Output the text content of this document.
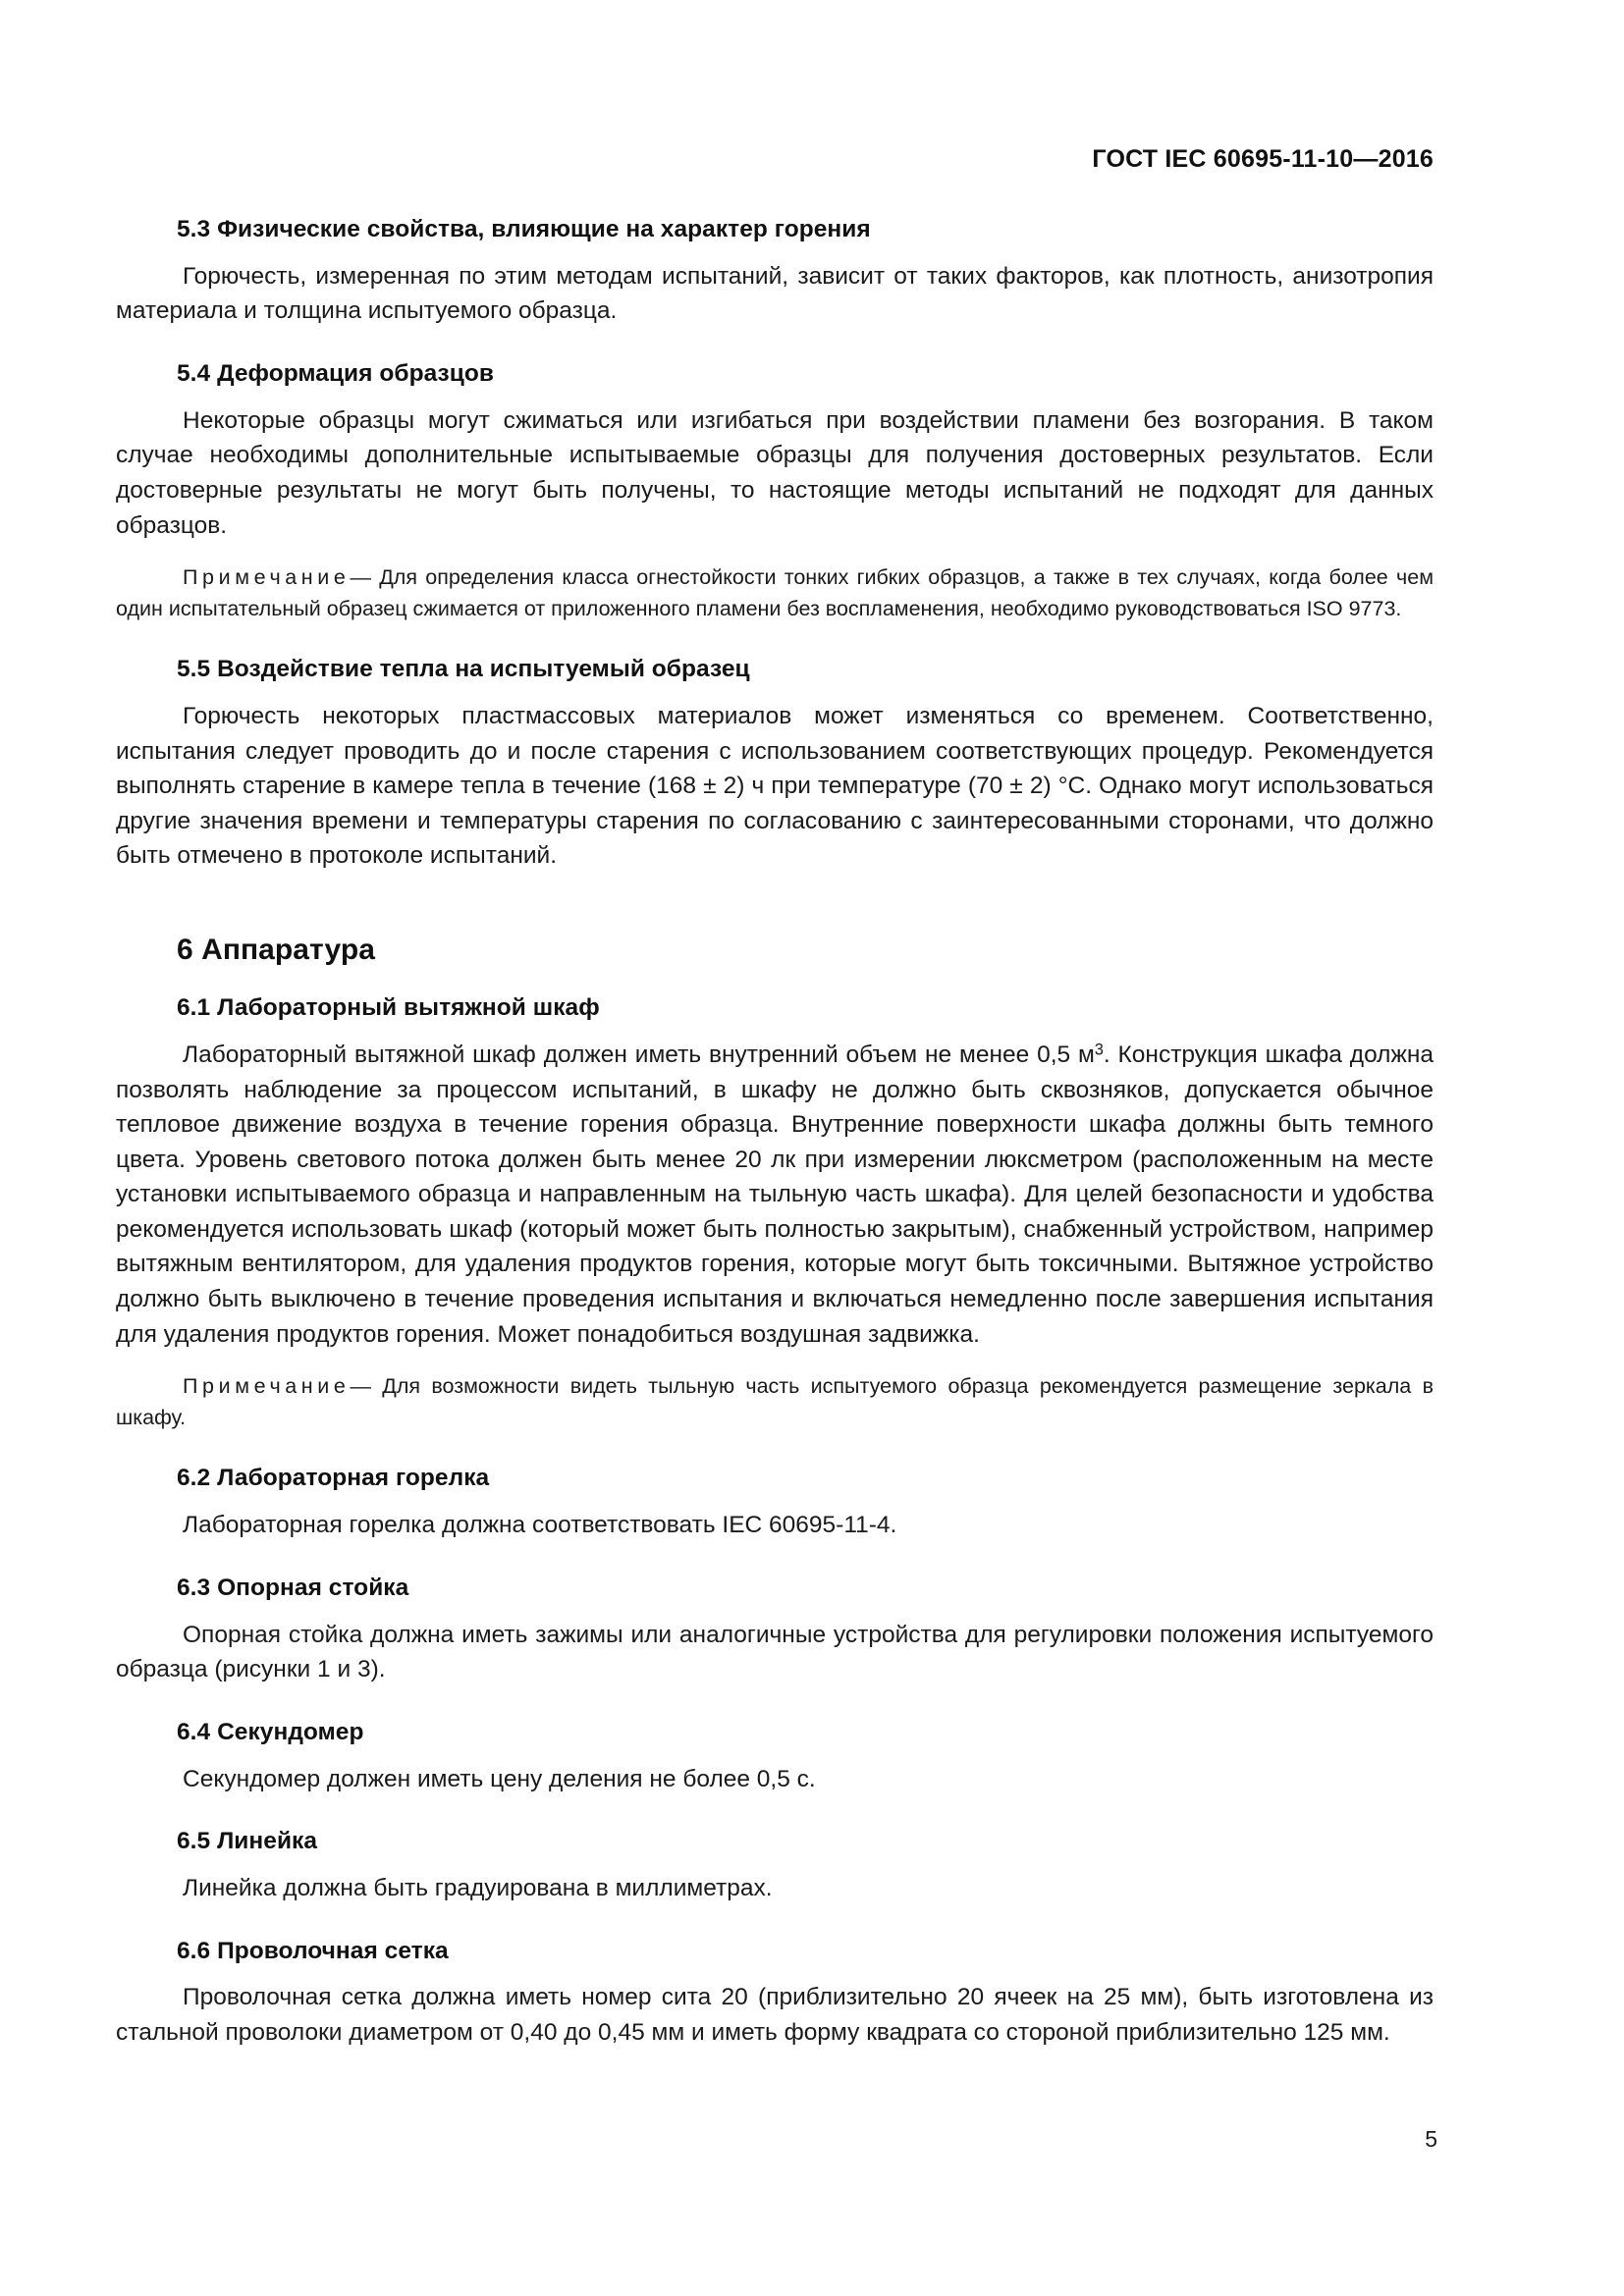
ГОСТ IEC 60695-11-10—2016
5.3 Физические свойства, влияющие на характер горения

Горючесть, измеренная по этим методам испытаний, зависит от таких факторов, как плотность, анизотропия материала и толщина испытуемого образца.

5.4 Деформация образцов

Некоторые образцы могут сжиматься или изгибаться при воздействии пламени без возгорания. В таком случае необходимы дополнительные испытываемые образцы для получения достоверных результатов. Если достоверные результаты не могут быть получены, то настоящие методы испытаний не подходят для данных образцов.

Примечание— Для определения класса огнестойкости тонких гибких образцов, а также в тех случаях, когда более чем один испытательный образец сжимается от приложенного пламени без воспламенения, необходимо руководствоваться ISO 9773.

5.5 Воздействие тепла на испытуемый образец

Горючесть некоторых пластмассовых материалов может изменяться со временем. Соответственно, испытания следует проводить до и после старения с использованием соответствующих процедур. Рекомендуется выполнять старение в камере тепла в течение (168 ± 2) ч при температуре (70 ± 2) °C. Однако могут использоваться другие значения времени и температуры старения по согласованию с заинтересованными сторонами, что должно быть отмечено в протоколе испытаний.

6 Аппаратура
6.1 Лабораторный вытяжной шкаф

Лабораторный вытяжной шкаф должен иметь внутренний объем не менее 0,5 $м^3$. Конструкция шкафа должна позволять наблюдение за процессом испытаний, в шкафу не должно быть сквозняков, допускается обычное тепловое движение воздуха в течение горения образца. Внутренние поверхности шкафа должны быть темного цвета. Уровень светового потока должен быть менее 20 лк при измерении люксметром (расположенным на месте установки испытываемого образца и направленным на тыльную часть шкафа). Для целей безопасности и удобства рекомендуется использовать шкаф (который может быть полностью закрытым), снабженный устройством, например вытяжным вентилятором, для удаления продуктов горения, которые могут быть токсичными. Вытяжное устройство должно быть выключено в течение проведения испытания и включаться немедленно после завершения испытания для удаления продуктов горения. Может понадобиться воздушная задвижка.

Примечание— Для возможности видеть тыльную часть испытуемого образца рекомендуется размещение зеркала в шкафу.

6.2 Лабораторная горелка

Лабораторная горелка должна соответствовать IEC 60695-11-4.

6.3 Опорная стойка

Опорная стойка должна иметь зажимы или аналогичные устройства для регулировки положения испытуемого образца (рисунки 1 и 3).

6.4 Секундомер

Секундомер должен иметь цену деления не более 0,5 с.

6.5 Линейка

Линейка должна быть градуирована в миллиметрах.

6.6 Проволочная сетка

Проволочная сетка должна иметь номер сита 20 (приблизительно 20 ячеек на 25 мм), быть изготовлена из стальной проволоки диаметром от 0,40 до 0,45 мм и иметь форму квадрата со стороной приблизительно 125 мм.

5
